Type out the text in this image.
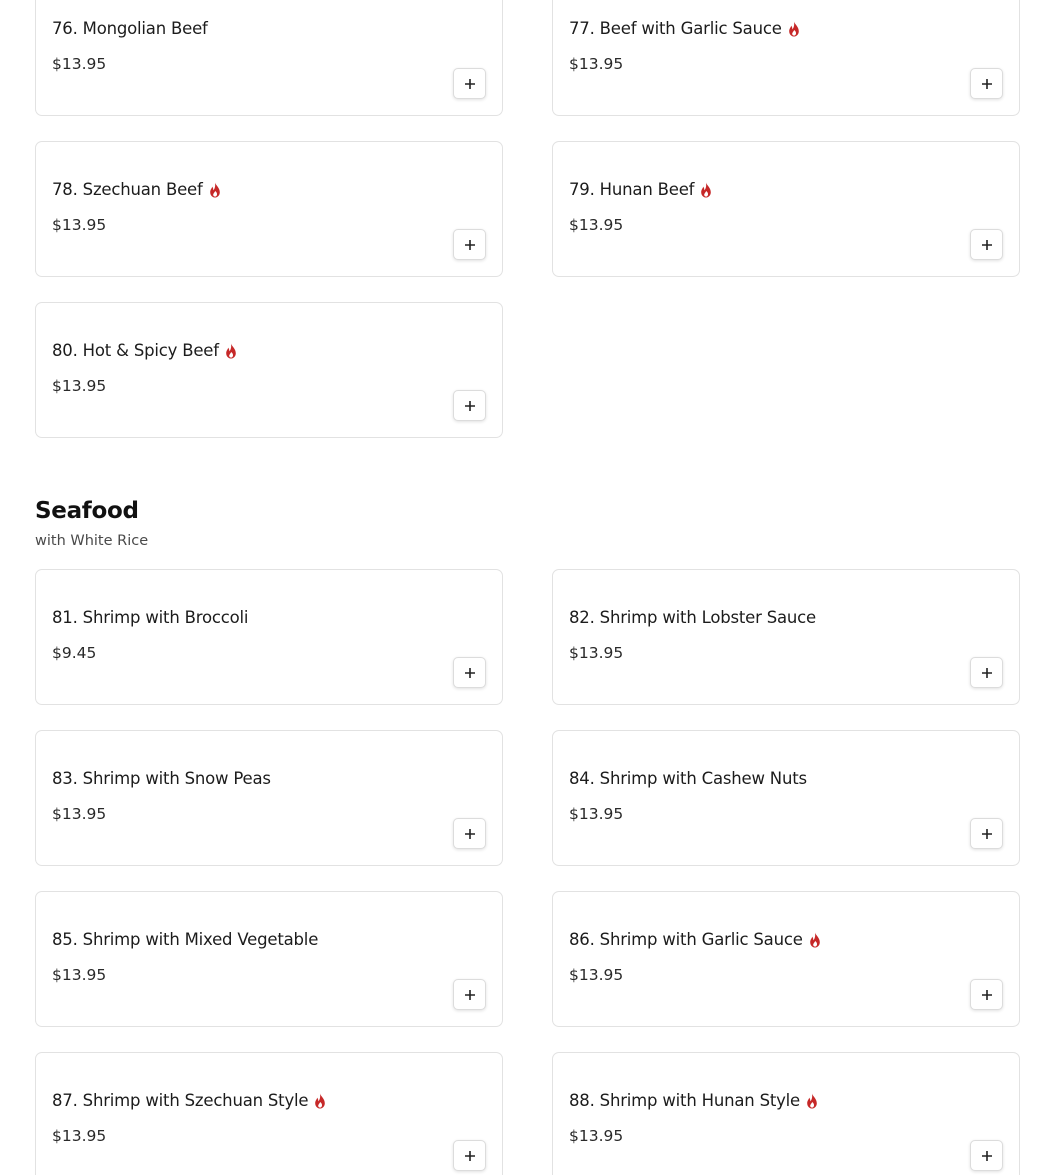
76. Mongolian Beef
$13.95
77. Beef with Garlic Sauce
$13.95
78. Szechuan Beef
$13.95
79. Hunan Beef
$13.95
80. Hot & Spicy Beef
$13.95
Seafood
with White Rice
81. Shrimp with Broccoli
$9.45
82. Shrimp with Lobster Sauce
$13.95
83. Shrimp with Snow Peas
$13.95
84. Shrimp with Cashew Nuts
$13.95
85. Shrimp with Mixed Vegetable
$13.95
86. Shrimp with Garlic Sauce
$13.95
87. Shrimp with Szechuan Style
$13.95
88. Shrimp with Hunan Style
$13.95
